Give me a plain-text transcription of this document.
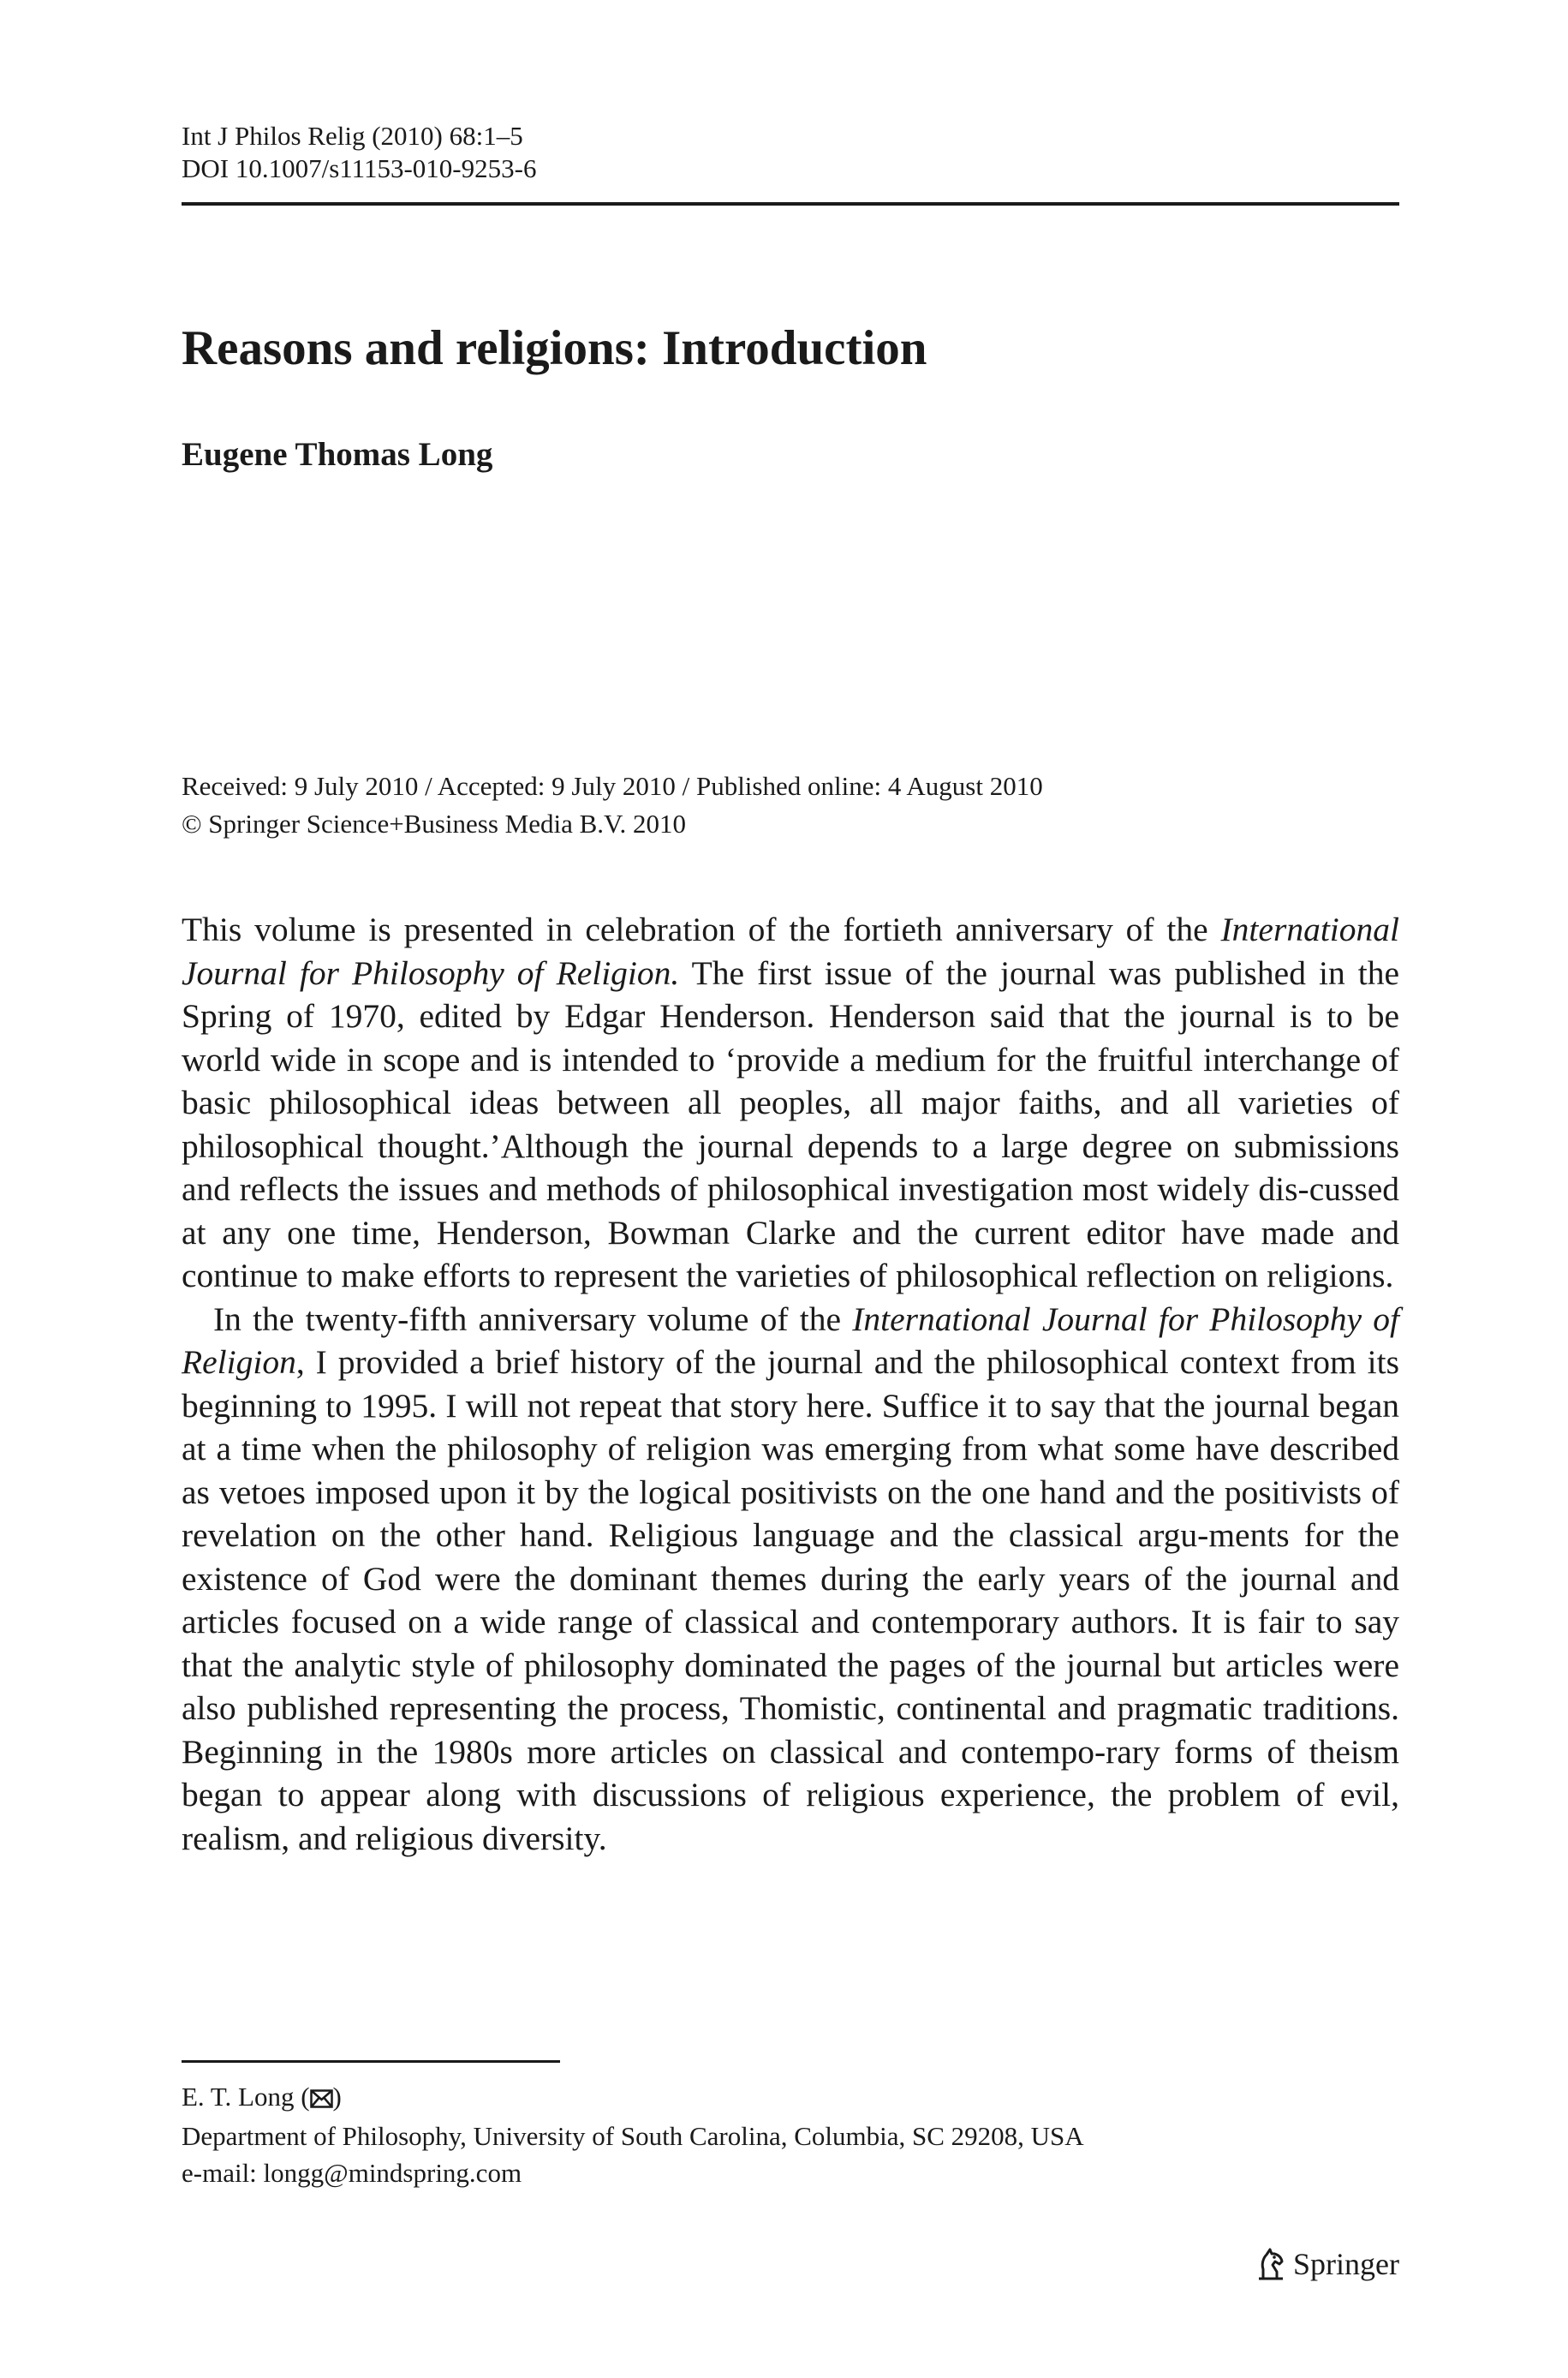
Int J Philos Relig (2010) 68:1–5
DOI 10.1007/s11153-010-9253-6
Reasons and religions: Introduction
Eugene Thomas Long
Received: 9 July 2010 / Accepted: 9 July 2010 / Published online: 4 August 2010
© Springer Science+Business Media B.V. 2010

This volume is presented in celebration of the fortieth anniversary of the International Journal for Philosophy of Religion. The first issue of the journal was published in the Spring of 1970, edited by Edgar Henderson. Henderson said that the journal is to be world wide in scope and is intended to ‘provide a medium for the fruitful interchange of basic philosophical ideas between all peoples, all major faiths, and all varieties of philosophical thought.’Although the journal depends to a large degree on submissions and reflects the issues and methods of philosophical investigation most widely dis-cussed at any one time, Henderson, Bowman Clarke and the current editor have made and continue to make efforts to represent the varieties of philosophical reflection on religions.

In the twenty-fifth anniversary volume of the International Journal for Philosophy of Religion, I provided a brief history of the journal and the philosophical context from its beginning to 1995. I will not repeat that story here. Suffice it to say that the journal began at a time when the philosophy of religion was emerging from what some have described as vetoes imposed upon it by the logical positivists on the one hand and the positivists of revelation on the other hand. Religious language and the classical argu-ments for the existence of God were the dominant themes during the early years of the journal and articles focused on a wide range of classical and contemporary authors. It is fair to say that the analytic style of philosophy dominated the pages of the journal but articles were also published representing the process, Thomistic, continental and pragmatic traditions. Beginning in the 1980s more articles on classical and contempo-rary forms of theism began to appear along with discussions of religious experience, the problem of evil, realism, and religious diversity.

E. T. Long ( )
Department of Philosophy, University of South Carolina, Columbia, SC 29208, USA
e-mail: longg@mindspring.com
Springer
